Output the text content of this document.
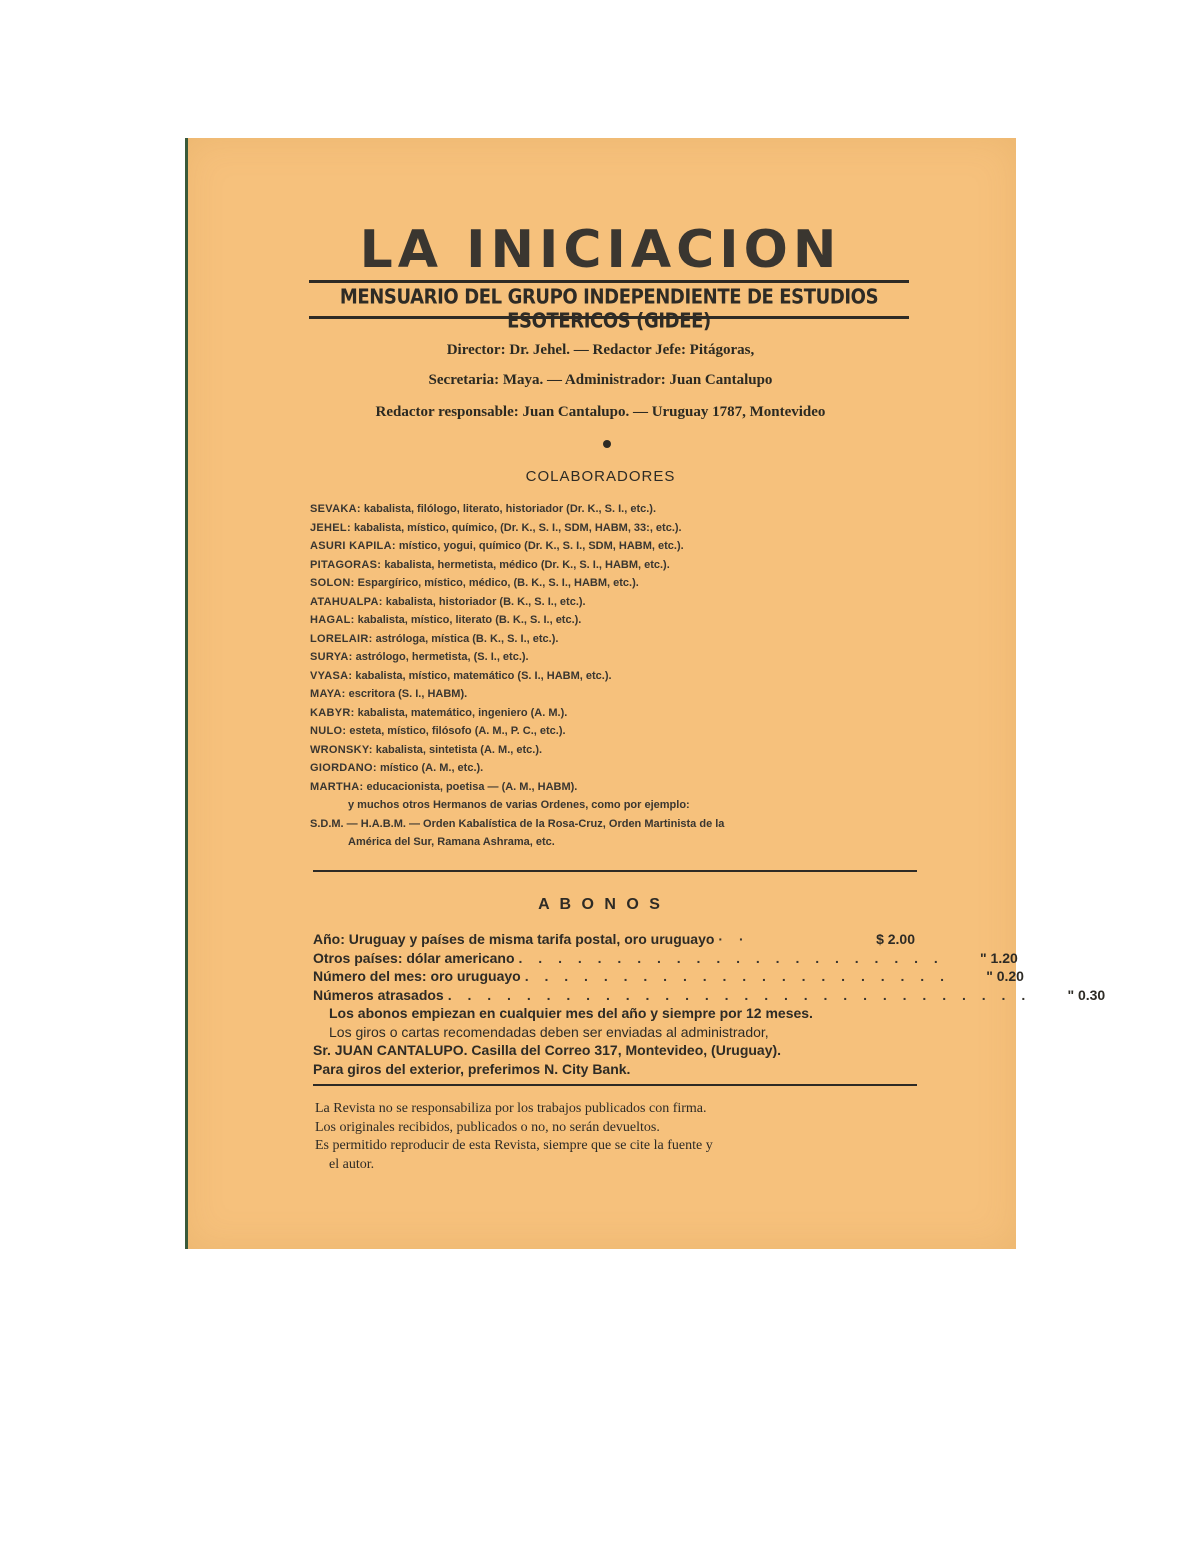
LA INICIACION
MENSUARIO DEL GRUPO INDEPENDIENTE DE ESTUDIOS ESOTERICOS (GIDEE)
Director: Dr. Jehel. — Redactor Jefe: Pitágoras,
Secretaria: Maya. — Administrador: Juan Cantalupo
Redactor responsable: Juan Cantalupo. — Uruguay 1787, Montevideo
COLABORADORES
SEVAKA: kabalista, filólogo, literato, historiador (Dr. K., S. I., etc.).
JEHEL: kabalista, místico, químico, (Dr. K., S. I., SDM, HABM, 33:, etc.).
ASURI KAPILA: místico, yogui, químico (Dr. K., S. I., SDM, HABM, etc.).
PITAGORAS: kabalista, hermetista, médico (Dr. K., S. I., HABM, etc.).
SOLON: Espargírico, místico, médico, (B. K., S. I., HABM, etc.).
ATAHUALPA: kabalista, historiador (B. K., S. I., etc.).
HAGAL: kabalista, místico, literato (B. K., S. I., etc.).
LORELAIR: astróloga, mística (B. K., S. I., etc.).
SURYA: astrólogo, hermetista, (S. I., etc.).
VYASA: kabalista, místico, matemático (S. I., HABM, etc.).
MAYA: escritora (S. I., HABM).
KABYR: kabalista, matemático, ingeniero (A. M.).
NULO: esteta, místico, filósofo (A. M., P. C., etc.).
WRONSKY: kabalista, sintetista (A. M., etc.).
GIORDANO: místico (A. M., etc.).
MARTHA: educacionista, poetisa — (A. M., HABM).
y muchos otros Hermanos de varias Ordenes, como por ejemplo:
S.D.M. — H.A.B.M. — Orden Kabalística de la Rosa-Cruz, Orden Martinista de la
América del Sur, Ramana Ashrama, etc.
A B O N O S
Año: Uruguay y países de misma tarifa postal, oro uruguayo · ·	$ 2.00
Otros países: dólar americano . . . . . . . . . . . . . . . . . . . . . .	" 1.20
Número del mes: oro uruguayo . . . . . . . . . . . . . . . . . . . . . .	" 0.20
Números atrasados . . . . . . . . . . . . . . . . . . . . . . . . . . . . . .	" 0.30
Los abonos empiezan en cualquier mes del año y siempre por 12 meses.
Los giros o cartas recomendadas deben ser enviadas al administrador,
Sr. JUAN CANTALUPO. Casilla del Correo 317, Montevideo, (Uruguay).
Para giros del exterior, preferimos N. City Bank.
La Revista no se responsabiliza por los trabajos publicados con firma.
Los originales recibidos, publicados o no, no serán devueltos.
Es permitido reproducir de esta Revista, siempre que se cite la fuente y
el autor.
